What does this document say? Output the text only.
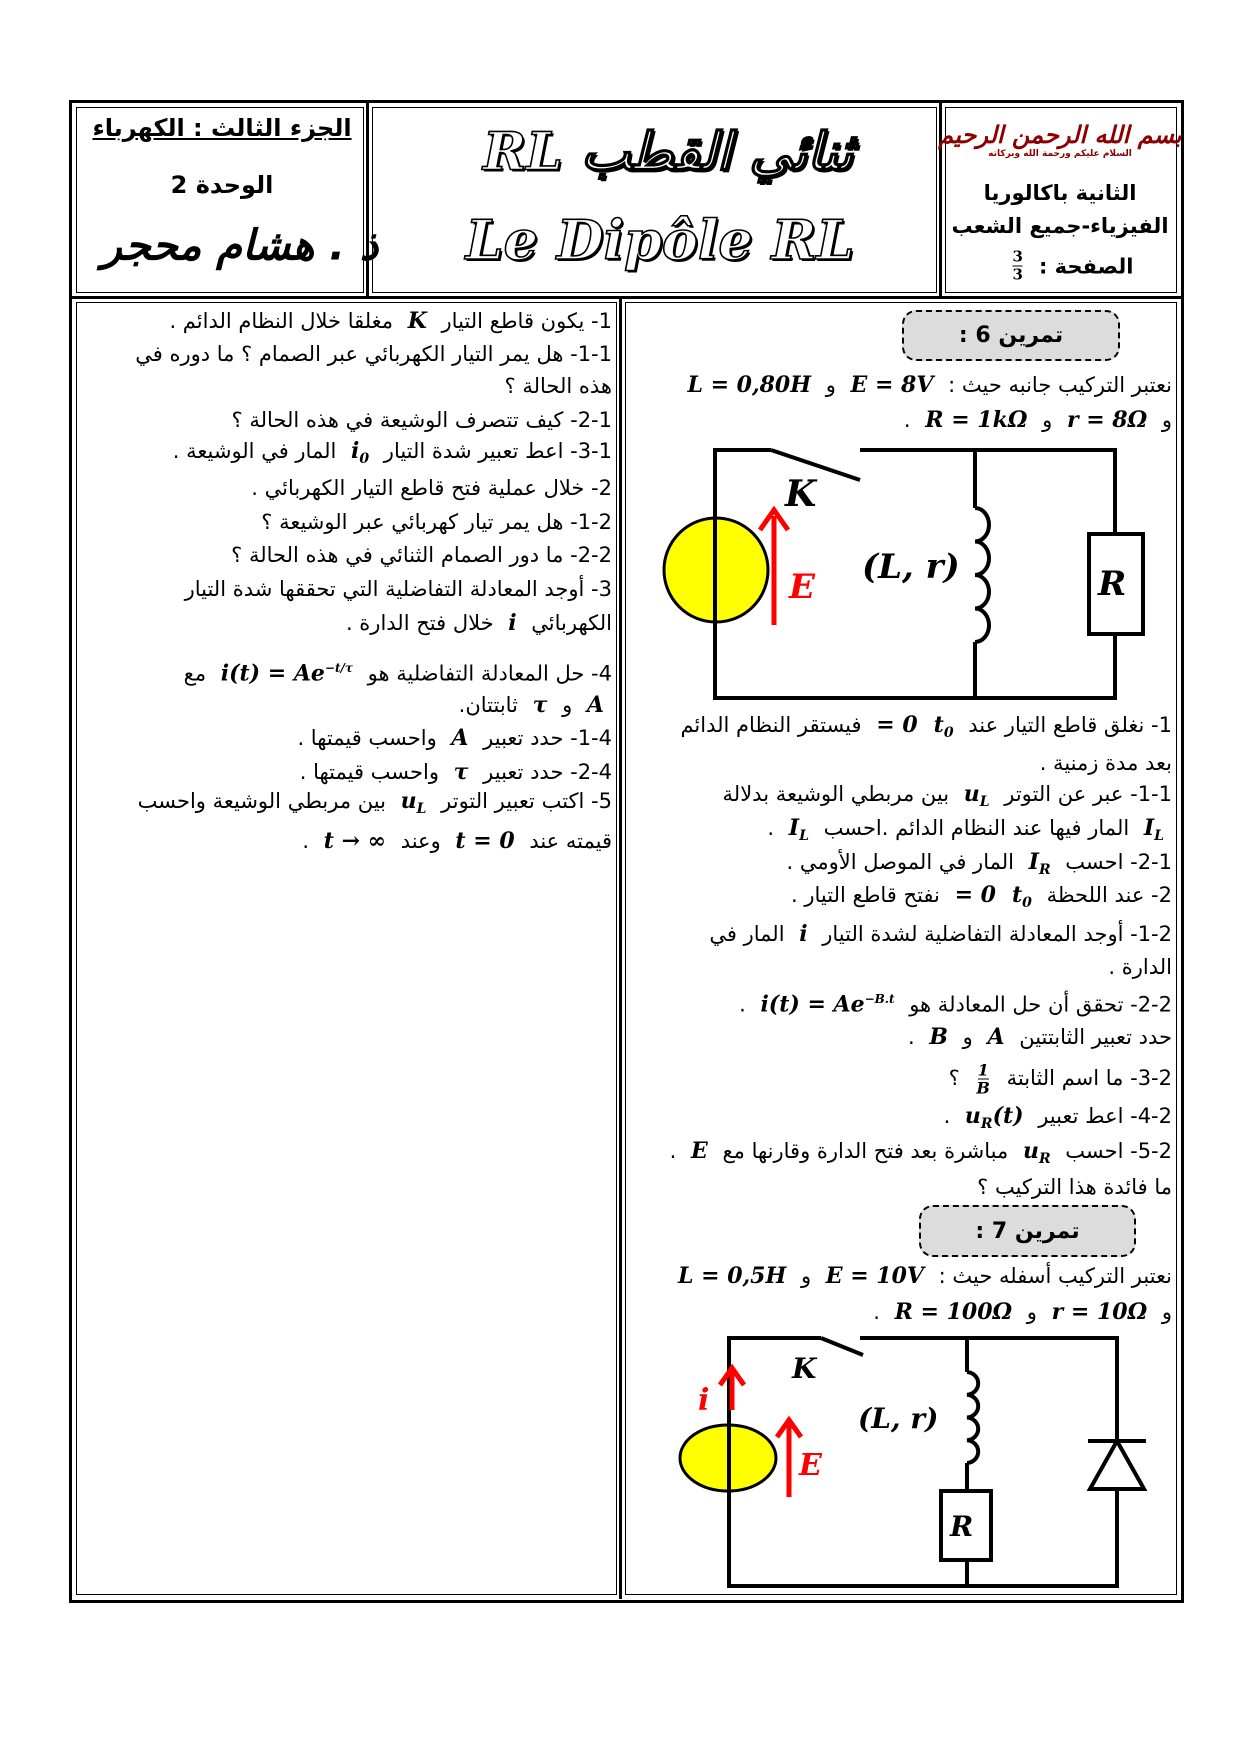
الجزء الثالث : الكهرباء
الوحدة 2
ذ . هشام محجر
ثنائي القطب RL
Le Dipôle RL
بسم الله الرحمن الرحيم
السلام عليكم ورحمة الله وبركاته
الثانية باكالوريا
الفيزياء-جميع الشعب
الصفحة :
$\frac{3}{3}$
تمرين 6 :
تمرين 7 :
1- يكون قاطع التيار K مغلقا خلال النظام الدائم .
1-1- هل يمر التيار الكهربائي عبر الصمام ؟ ما دوره في
هذه الحالة ؟
2-1- كيف تتصرف الوشيعة في هذه الحالة ؟
3-1- اعط تعبير شدة التيار $i_0$ المار في الوشيعة .
2- خلال عملية فتح قاطع التيار الكهربائي .
1-2- هل يمر تيار كهربائي عبر الوشيعة ؟
2-2- ما دور الصمام الثنائي في هذه الحالة ؟
3- أوجد المعادلة التفاضلية التي تحققها شدة التيار
الكهربائي i خلال فتح الدارة .
4- حل المعادلة التفاضلية هو $i(t) = Ae^{-t/\tau}$ مع
A و τ ثابتتان.
1-4- حدد تعبير A واحسب قيمتها .
2-4- حدد تعبير τ واحسب قيمتها .
5- اكتب تعبير التوتر $u_L$ بين مربطي الوشيعة واحسب
قيمته عند t = 0 وعند t → ∞ .
نعتبر التركيب جانبه حيث : E = 8V و L = 0,80H
و r = 8Ω و R = 1kΩ .
1- نغلق قاطع التيار عند $t_0= 0$ فيستقر النظام الدائم
بعد مدة زمنية .
1-1- عبر عن التوتر $u_L$ بين مربطي الوشيعة بدلالة
$I_L$ المار فيها عند النظام الدائم .احسب $I_L$ .
2-1- احسب $I_R$ المار في الموصل الأومي .
2- عند اللحظة $t_0= 0$ نفتح قاطع التيار .
1-2- أوجد المعادلة التفاضلية لشدة التيار i المار في
الدارة .
2-2- تحقق أن حل المعادلة هو $i(t) = Ae^{-B.t}$ .
حدد تعبير الثابتتين A و B .
3-2- ما اسم الثابتة
$\frac{1}{B}$
؟
4-2- اعط تعبير $u_R(t)$ .
5-2- احسب $u_R$ مباشرة بعد فتح الدارة وقارنها مع E .
ما فائدة هذا التركيب ؟
نعتبر التركيب أسفله حيث : E = 10V و L = 0,5H
و r = 10Ω و R = 100Ω .
K
E (L, r)	R
K
i
E
(L, r)
R
